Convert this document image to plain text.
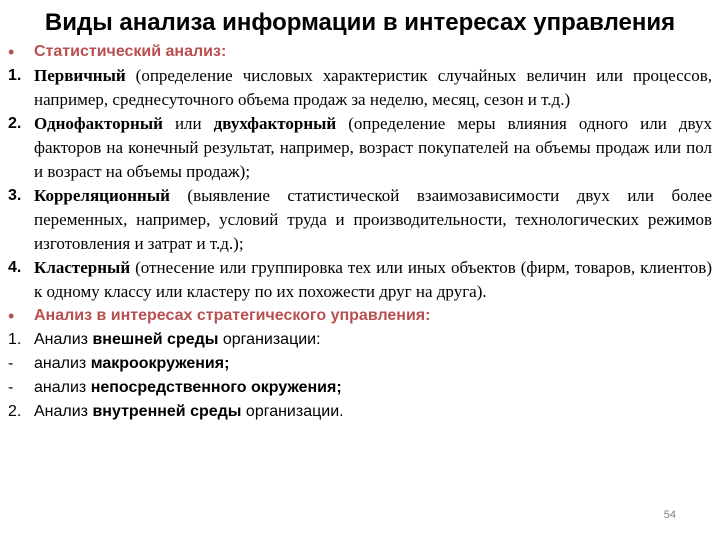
Виды анализа информации в интересах управления
•	Статистический анализ:
1. Первичный (определение числовых характеристик случайных величин или процессов, например, среднесуточного объема продаж за неделю, месяц, сезон и т.д.)
2. Однофакторный или двухфакторный (определение меры влияния одного или двух факторов на конечный результат, например, возраст покупателей на объемы продаж или пол и возраст на объемы продаж);
3. Корреляционный (выявление статистической взаимозависимости двух или более переменных, например, условий труда и производительности, технологических режимов изготовления и затрат и т.д.);
4. Кластерный (отнесение или группировка тех или иных объектов (фирм, товаров, клиентов) к одному классу или кластеру по их похожести друг на друга).
•	Анализ в интересах стратегического управления:
1. Анализ внешней среды организации:
-	анализ макроокружения;
-	анализ непосредственного окружения;
2. Анализ внутренней среды организации.
54
